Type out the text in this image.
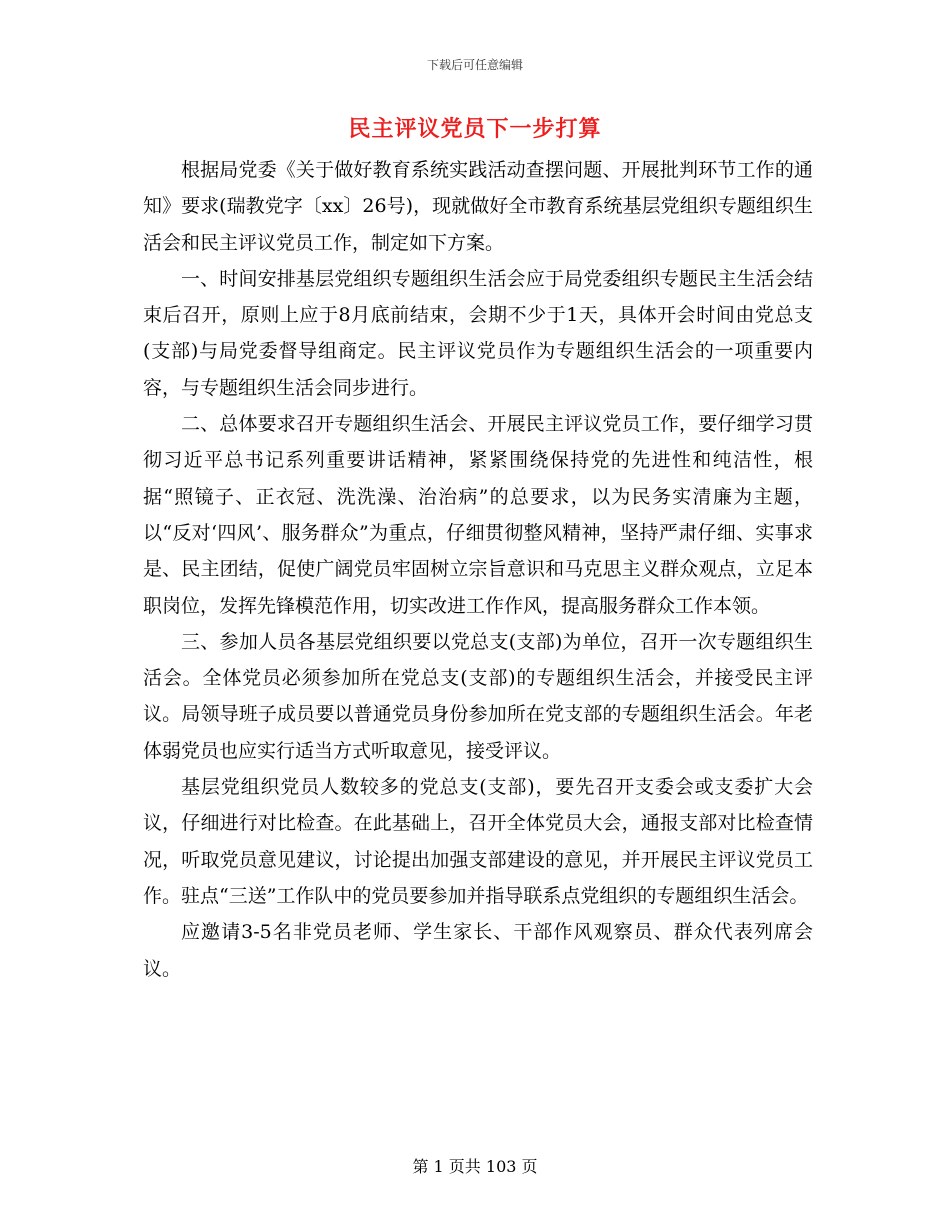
下载后可任意编辑
民主评议党员下一步打算

根据局党委《关于做好教育系统实践活动查摆问题、开展批判环节工作的通知》要求(瑞教党字〔xx〕26号)，现就做好全市教育系统基层党组织专题组织生活会和民主评议党员工作，制定如下方案。

一、时间安排基层党组织专题组织生活会应于局党委组织专题民主生活会结束后召开，原则上应于8月底前结束，会期不少于1天，具体开会时间由党总支(支部)与局党委督导组商定。民主评议党员作为专题组织生活会的一项重要内容，与专题组织生活会同步进行。

二、总体要求召开专题组织生活会、开展民主评议党员工作，要仔细学习贯彻习近平总书记系列重要讲话精神，紧紧围绕保持党的先进性和纯洁性，根据“照镜子、正衣冠、洗洗澡、治治病”的总要求，以为民务实清廉为主题，以“反对‘四风’、服务群众”为重点，仔细贯彻整风精神，坚持严肃仔细、实事求是、民主团结，促使广阔党员牢固树立宗旨意识和马克思主义群众观点，立足本职岗位，发挥先锋模范作用，切实改进工作作风，提高服务群众工作本领。

三、参加人员各基层党组织要以党总支(支部)为单位，召开一次专题组织生活会。全体党员必须参加所在党总支(支部)的专题组织生活会，并接受民主评议。局领导班子成员要以普通党员身份参加所在党支部的专题组织生活会。年老体弱党员也应实行适当方式听取意见，接受评议。

基层党组织党员人数较多的党总支(支部)，要先召开支委会或支委扩大会议，仔细进行对比检查。在此基础上，召开全体党员大会，通报支部对比检查情况，听取党员意见建议，讨论提出加强支部建设的意见，并开展民主评议党员工作。驻点“三送”工作队中的党员要参加并指导联系点党组织的专题组织生活会。

应邀请3-5名非党员老师、学生家长、干部作风观察员、群众代表列席会议。

第 1 页共 103 页
